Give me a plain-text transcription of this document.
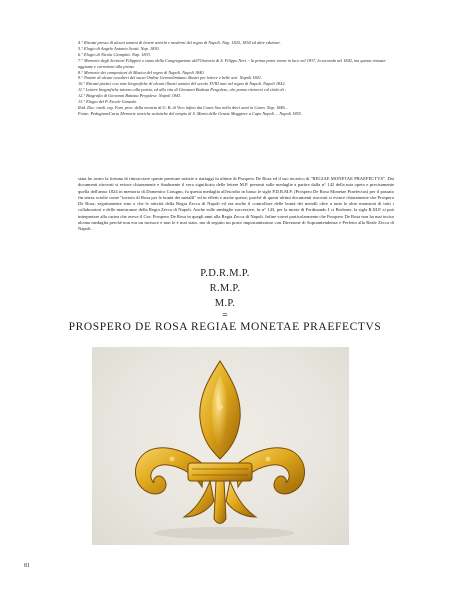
4.° Ritratti presso di alcuni uomini di lettere antichi e moderni del regno di Napoli. Nap. 1825, 1854 ed altre edizioni.
5.° Elogio di Angelo Antonio Scotti. Nap. 1830.
6.° Elogio di Nicola Ciampitti. Nap. 1833.
7.° Memorie degli Scrittori Filippini o siano della Congregazione dell'Oratorio di S. Filippo Neri. - la prima parte venne in luce nel 1837, la seconda nel 1842, ma questa rimaste aggiunte e correzioni alla prima.
8.° Memorie dei compositori di Musica del regno di Napoli. Napoli 1840.
9.° Notizie di alcuni cavalieri del sacro Ordine Gerosolimitano illustri per lettere e belle arti. Napoli 1841.
10.° Ritratti poetici con note biografiche di alcuni illustri uomini del secolo XVIII nati nel regno di Napoli. Napoli 1842.
11.° Lettere biografiche intorno alla patria, ed alla vita di Giovanni Battista Pergolese, che ponno ritenersi col titolo di :
12.° Biografia di Giovanni Battista Pergolese. Napoli 1843.
13.° Elogio del P. Ercole Gonzalo.
Ibid. Doc. inedi. reg. Fam. proc. della moneta di G. B. di Vico infino dai Conte Suo nella dieci anni in Como. Nap. 1846...
Fonte: Pedagium/Carta Memorie storiche artistiche del tempio di S. Maria delle Grazie Maggiore a Capo Napoli ... Napoli 1855.
stata ho avuto la fortuna di rintracciare queste prezione notizie a riattaggi in ultime di Prospero De Rosa ed il suo incarico di "REGIAE MONETAE PRAEFECTVS". Dai documenti ritrovati si evince chiaramente e finalmente il vero significato delle lettere M.P. presenti sulle medaglie a partire dalla n° 142 della mia opera e precisamente quella dell'anno 1824 in memoria di Domenico Cotugno, fu questa medaglia all'esordio in basso le sigle P.D.R.M.P. (Prospero De Rosa Monetae Praefectus) per il passato fin senza sciolte come "incerto di Rosa per le bontà dei metalli" ed in effetti e anche queste, poiché di questi ultimi documenti ritrovati si evince chiaramente che Prospero De Rosa, seguitamente sino a che le attività della Regia Zecca di Napoli ed era anche il controllore delle bontà dei metalli oltre a tutte le altre mansioni di tutti i collaboratori e delle maestranze della Regia Zecca di Napoli. Anche sulle medaglie successive, fu n° 143, per la morte di Ferdinando I ci Borbone, la sigla R.M.P. si può interpretare alla cariea che aveva il Cav. Prospero De Rosa in quegli anni alla Regia Zecca di Napoli. Infine vorrei particolarmente che Prospero De Rosa non ha mai inciso alcuna medaglia perché non era un incisore e non le è mai stato, ma di seguito un posto importantissimo con Direzione di Sopraintendenza e Perfetto alla Reale Zecca di Napoli.
P.D.R.M.P.
R.M.P.
M.P.
=
PROSPERO DE ROSA REGIAE MONETAE PRAEFECTVS
81
